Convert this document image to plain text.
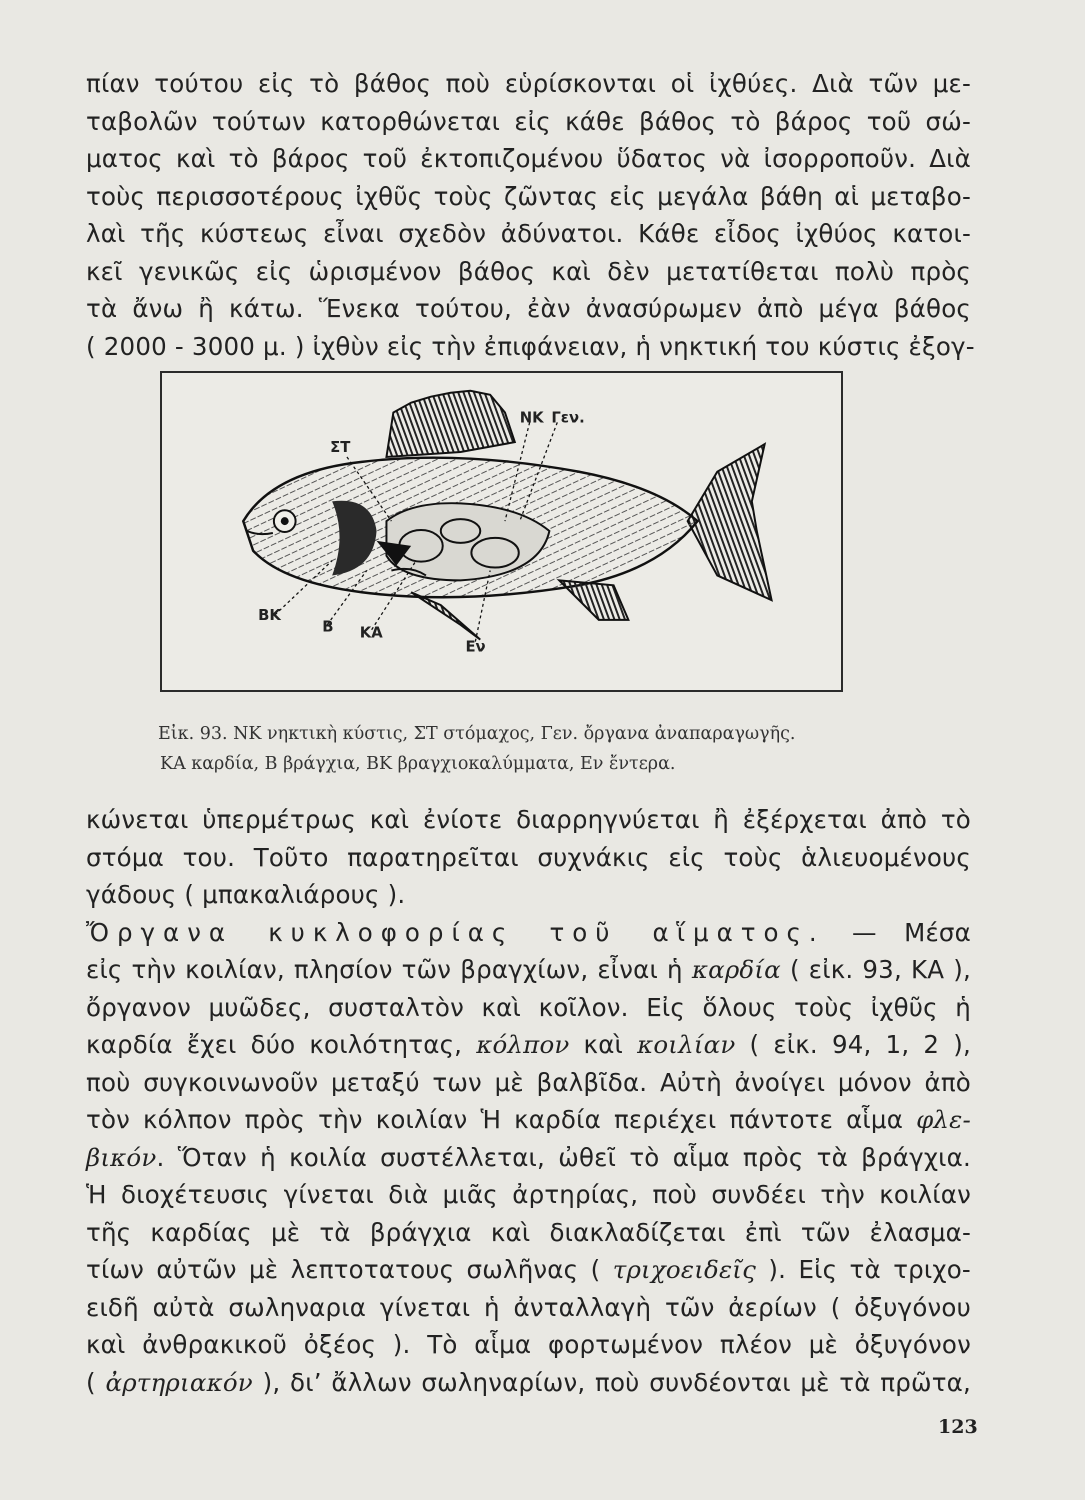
πίαν τούτου εἰς τὸ βάθος ποὺ εὑρίσκονται οἱ ἰχθύες. Διὰ τῶν με-
ταβολῶν τούτων κατορθώνεται εἰς κάθε βάθος τὸ βάρος τοῦ σώ-
ματος καὶ τὸ βάρος τοῦ ἐκτοπιζομένου ὕδατος νὰ ἰσορροποῦν. Διὰ
τοὺς περισσοτέρους ἰχθῦς τοὺς ζῶντας εἰς μεγάλα βάθη αἱ μεταβο-
λαὶ τῆς κύστεως εἶναι σχεδὸν ἀδύνατοι. Κάθε εἶδος ἰχθύος κατοι-
κεῖ γενικῶς εἰς ὡρισμένον βάθος καὶ δὲν μετατίθεται πολὺ πρὸς
τὰ ἄνω ἢ κάτω. Ἕνεκα τούτου, ἐὰν ἀνασύρωμεν ἀπὸ μέγα βάθος
( 2000 - 3000 μ. ) ἰχθὺν εἰς τὴν ἐπιφάνειαν, ἡ νηκτική του κύστις ἐξογ-
ΝΚ Γεν.
ΣΤ
ΒΚ
Β ΚΑ
Εν
Εἰκ. 93. ΝΚ νηκτικὴ κύστις, ΣΤ στόμαχος, Γεν. ὄργανα ἀναπαραγωγῆς.
ΚΑ καρδία, Β βράγχια, ΒΚ βραγχιοκαλύμματα, Εν ἔντερα.
κώνεται ὑπερμέτρως καὶ ἐνίοτε διαρρηγνύεται ἢ ἐξέρχεται ἀπὸ τὸ
στόμα του. Τοῦτο παρατηρεῖται συχνάκις εἰς τοὺς ἁλιευομένους
γάδους ( μπακαλιάρους ).
Ὄργανα κυκλοφορίας τοῦ αἵματος. — Μέσα
εἰς τὴν κοιλίαν, πλησίον τῶν βραγχίων, εἶναι ἡ καρδία ( εἰκ. 93, ΚΑ ),
ὄργανον μυῶδες, συσταλτὸν καὶ κοῖλον. Εἰς ὅλους τοὺς ἰχθῦς ἡ
καρδία ἔχει δύο κοιλότητας, κόλπον καὶ κοιλίαν ( εἰκ. 94, 1, 2 ),
ποὺ συγκοινωνοῦν μεταξύ των μὲ βαλβῖδα. Αὐτὴ ἀνοίγει μόνον ἀπὸ
τὸν κόλπον πρὸς τὴν κοιλίαν Ἡ καρδία περιέχει πάντοτε αἷμα φλε-
βικόν. Ὅταν ἡ κοιλία συστέλλεται, ὠθεῖ τὸ αἷμα πρὸς τὰ βράγχια.
Ἡ διοχέτευσις γίνεται διὰ μιᾶς ἀρτηρίας, ποὺ συνδέει τὴν κοιλίαν
τῆς καρδίας μὲ τὰ βράγχια καὶ διακλαδίζεται ἐπὶ τῶν ἐλασμα-
τίων αὐτῶν μὲ λεπτοτατους σωλῆνας ( τριχοειδεῖς ). Εἰς τὰ τριχο-
ειδῆ αὐτὰ σωληναρια γίνεται ἡ ἀνταλλαγὴ τῶν ἀερίων ( ὀξυγόνου
καὶ ἀνθρακικοῦ ὀξέος ). Τὸ αἷμα φορτωμένον πλέον μὲ ὀξυγόνον
( ἀρτηριακόν ), δι’ ἄλλων σωληναρίων, ποὺ συνδέονται μὲ τὰ πρῶτα,
123
